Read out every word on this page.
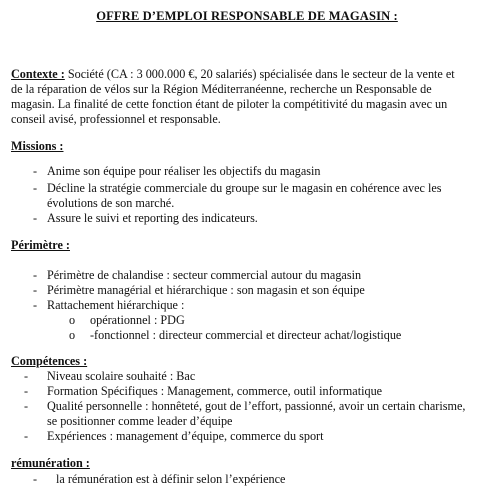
OFFRE D’EMPLOI RESPONSABLE DE MAGASIN :
Contexte : Société (CA : 3 000.000 €, 20 salariés) spécialisée dans le secteur de la vente et
de la réparation de vélos sur la Région Méditerranéenne, recherche un Responsable de
magasin. La finalité de cette fonction étant de piloter la compétitivité du magasin avec un
conseil avisé, professionnel et responsable.
Missions :
- Anime son équipe pour réaliser les objectifs du magasin
- Décline la stratégie commerciale du groupe sur le magasin en cohérence avec les
évolutions de son marché.
- Assure le suivi et reporting des indicateurs.
Périmètre :
- Périmètre de chalandise : secteur commercial autour du magasin
- Périmètre managérial et hiérarchique : son magasin et son équipe
- Rattachement hiérarchique :
o opérationnel : PDG
o -fonctionnel : directeur commercial et directeur achat/logistique
Compétences :
- Niveau scolaire souhaité : Bac
- Formation Spécifiques : Management, commerce, outil informatique
- Qualité personnelle : honnêteté, gout de l’effort, passionné, avoir un certain charisme,
se positionner comme leader d’équipe
- Expériences : management d’équipe, commerce du sport
rémunération :
- la rémunération est à définir selon l’expérience
